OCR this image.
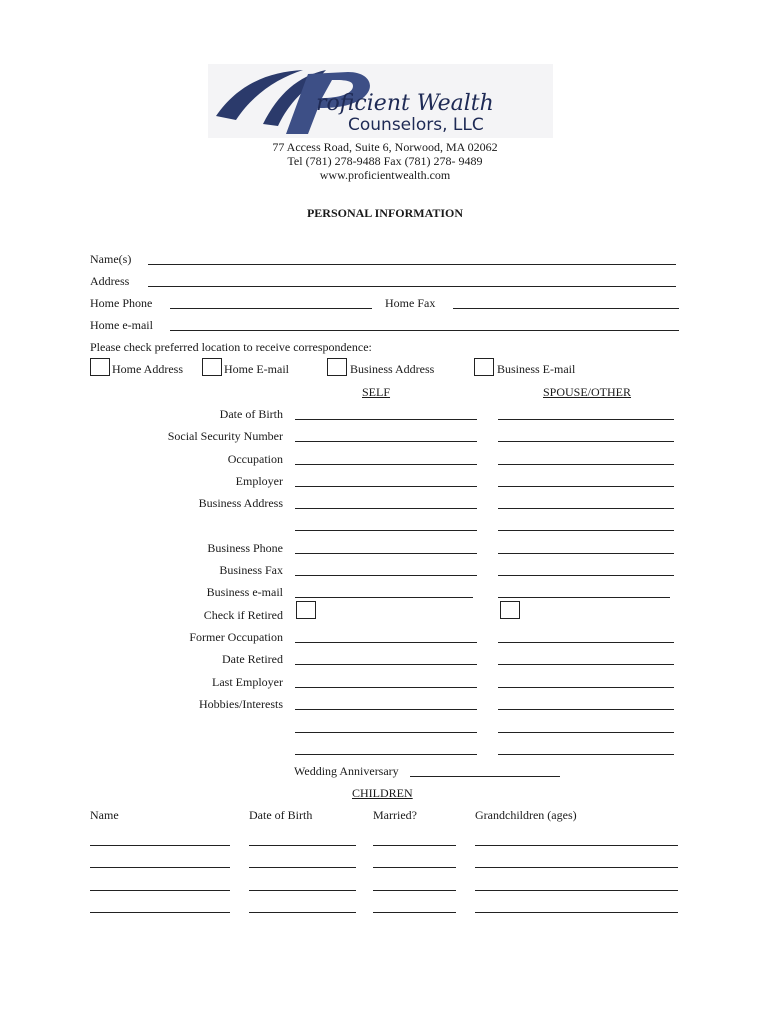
roficient Wealth
Counselors, LLC
77 Access Road, Suite 6, Norwood, MA 02062
Tel (781) 278-9488 Fax (781) 278- 9489
www.proficientwealth.com
PERSONAL INFORMATION
Name(s)
Address
Home Phone	Home Fax
Home e-mail
Please check preferred location to receive correspondence:
Home Address	Home E-mail	Business Address	Business E-mail
SELF	SPOUSE/OTHER
Date of Birth
Social Security Number
Occupation
Employer
Business Address
Business Phone
Business Fax
Business e-mail
Check if Retired
Former Occupation
Date Retired
Last Employer
Hobbies/Interests
Wedding Anniversary
CHILDREN
Name	Date of Birth	Married?	Grandchildren (ages)
